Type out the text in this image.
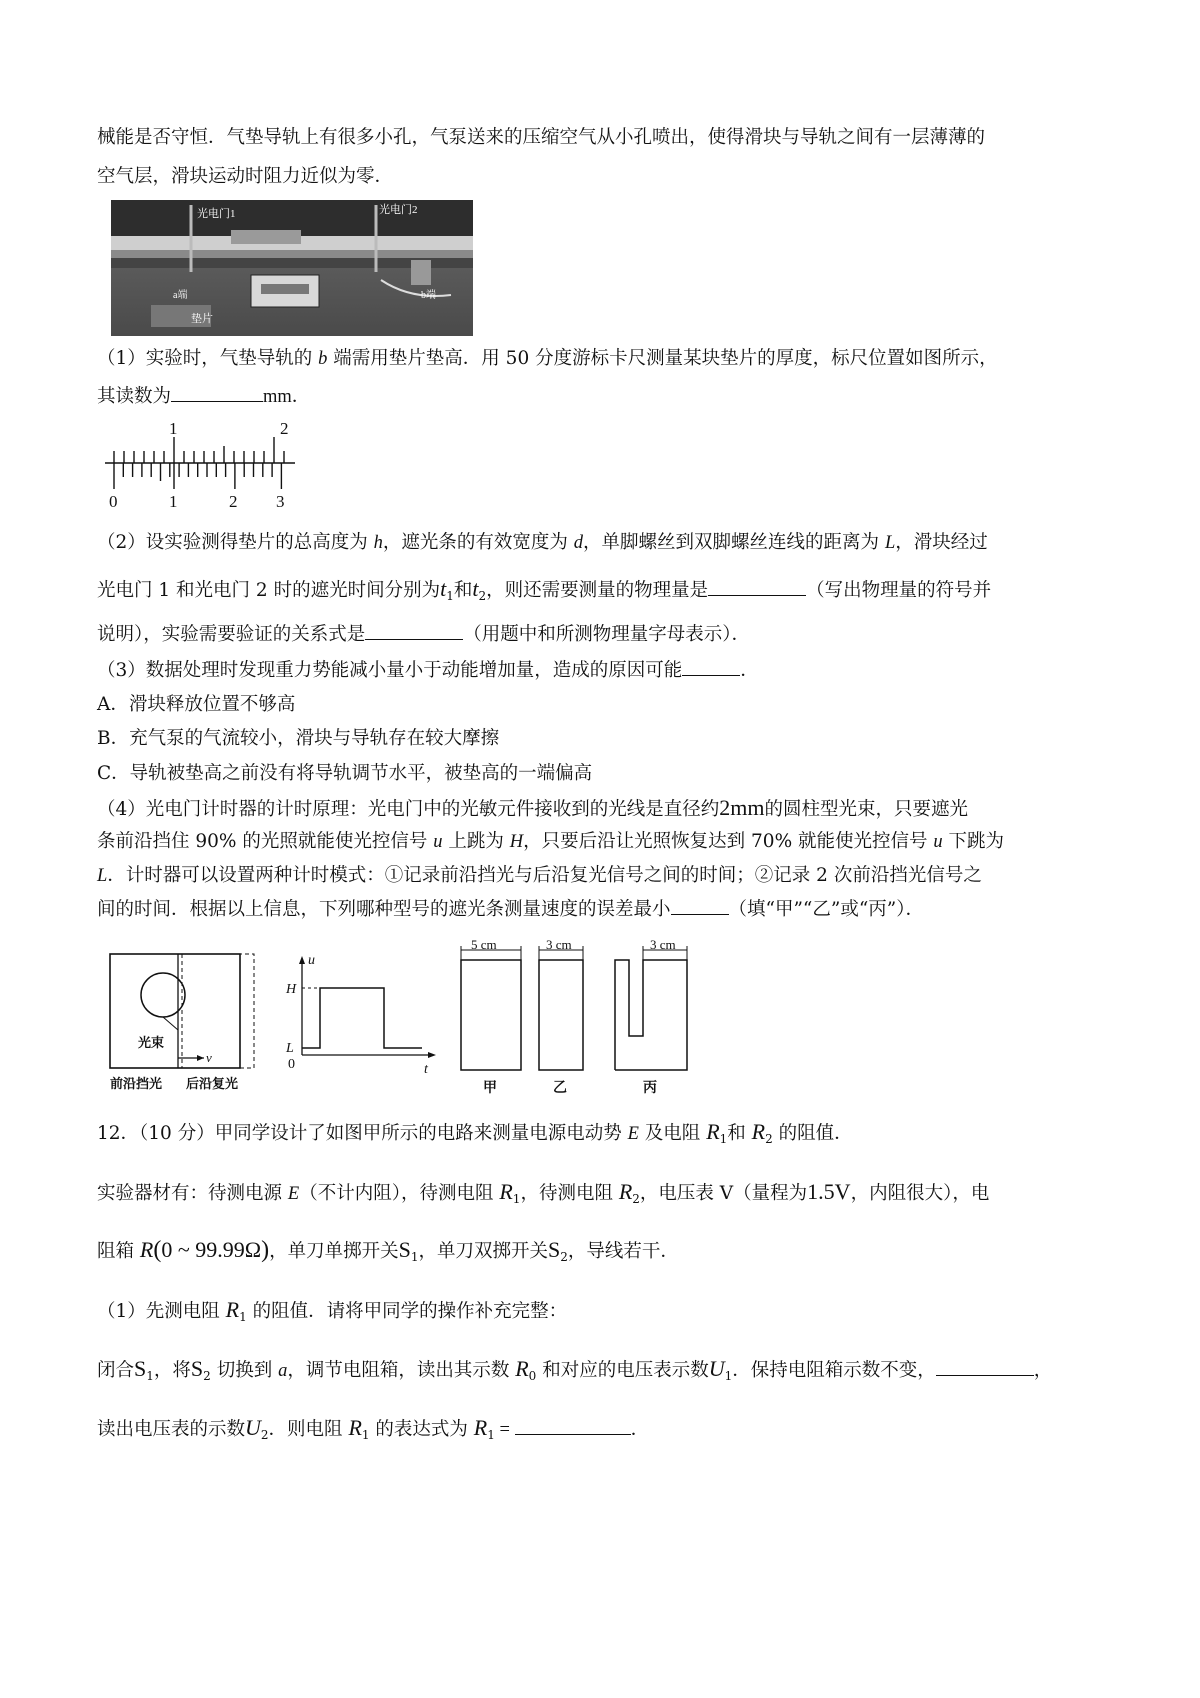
械能是否守恒．气垫导轨上有很多小孔，气泵送来的压缩空气从小孔喷出，使得滑块与导轨之间有一层薄薄的
空气层，滑块运动时阻力近似为零．
光电门1	光电门2
a端	b端
垫片
（1）实验时，气垫导轨的 b 端需用垫片垫高．用 50 分度游标卡尺测量某块垫片的厚度，标尺位置如图所示，
其读数为	mm．
1	2
0	1	2 3
（2）设实验测得垫片的总高度为 h，遮光条的有效宽度为 d，单脚螺丝到双脚螺丝连线的距离为 L，滑块经过
光电门 1 和光电门 2 时的遮光时间分别为$t_1$和$t_2$，则还需要测量的物理量是	（写出物理量的符号并
说明），实验需要验证的关系式是	（用题中和所测物理量字母表示）．
（3）数据处理时发现重力势能减小量小于动能增加量，造成的原因可能	．
A．滑块释放位置不够高
B．充气泵的气流较小，滑块与导轨存在较大摩擦
C．导轨被垫高之前没有将导轨调节水平，被垫高的一端偏高
（4）光电门计时器的计时原理：光电门中的光敏元件接收到的光线是直径约2mm的圆柱型光束，只要遮光
条前沿挡住 90% 的光照就能使光控信号 u 上跳为 H，只要后沿让光照恢复达到 70% 就能使光控信号 u 下跳为
L．计时器可以设置两种计时模式：①记录前沿挡光与后沿复光信号之间的时间；②记录 2 次前沿挡光信号之
间的时间．根据以上信息，下列哪种型号的遮光条测量速度的误差最小	（填“甲”“乙”或“丙”）．
光束
v
前沿挡光 后沿复光
u
t
H
L
0
5 cm
甲
3 cm
乙
3 cm
丙
12．（10 分）甲同学设计了如图甲所示的电路来测量电源电动势 E 及电阻 $R_1$和 $R_2$ 的阻值．
实验器材有：待测电源 E（不计内阻），待测电阻 $R_1$，待测电阻 $R_2$，电压表 V（量程为1.5V，内阻很大），电
阻箱 R(0 ~ 99.99Ω)，单刀单掷开关$S_1$，单刀双掷开关$S_2$，导线若干．
（1）先测电阻 $R_1$ 的阻值．请将甲同学的操作补充完整：
闭合$S_1$，将$S_2$ 切换到 a，调节电阻箱，读出其示数 $R_0$ 和对应的电压表示数$U_1$．保持电阻箱示数不变，	，
读出电压表的示数$U_2$．则电阻 $R_1$ 的表达式为 $R_1$ =	．
